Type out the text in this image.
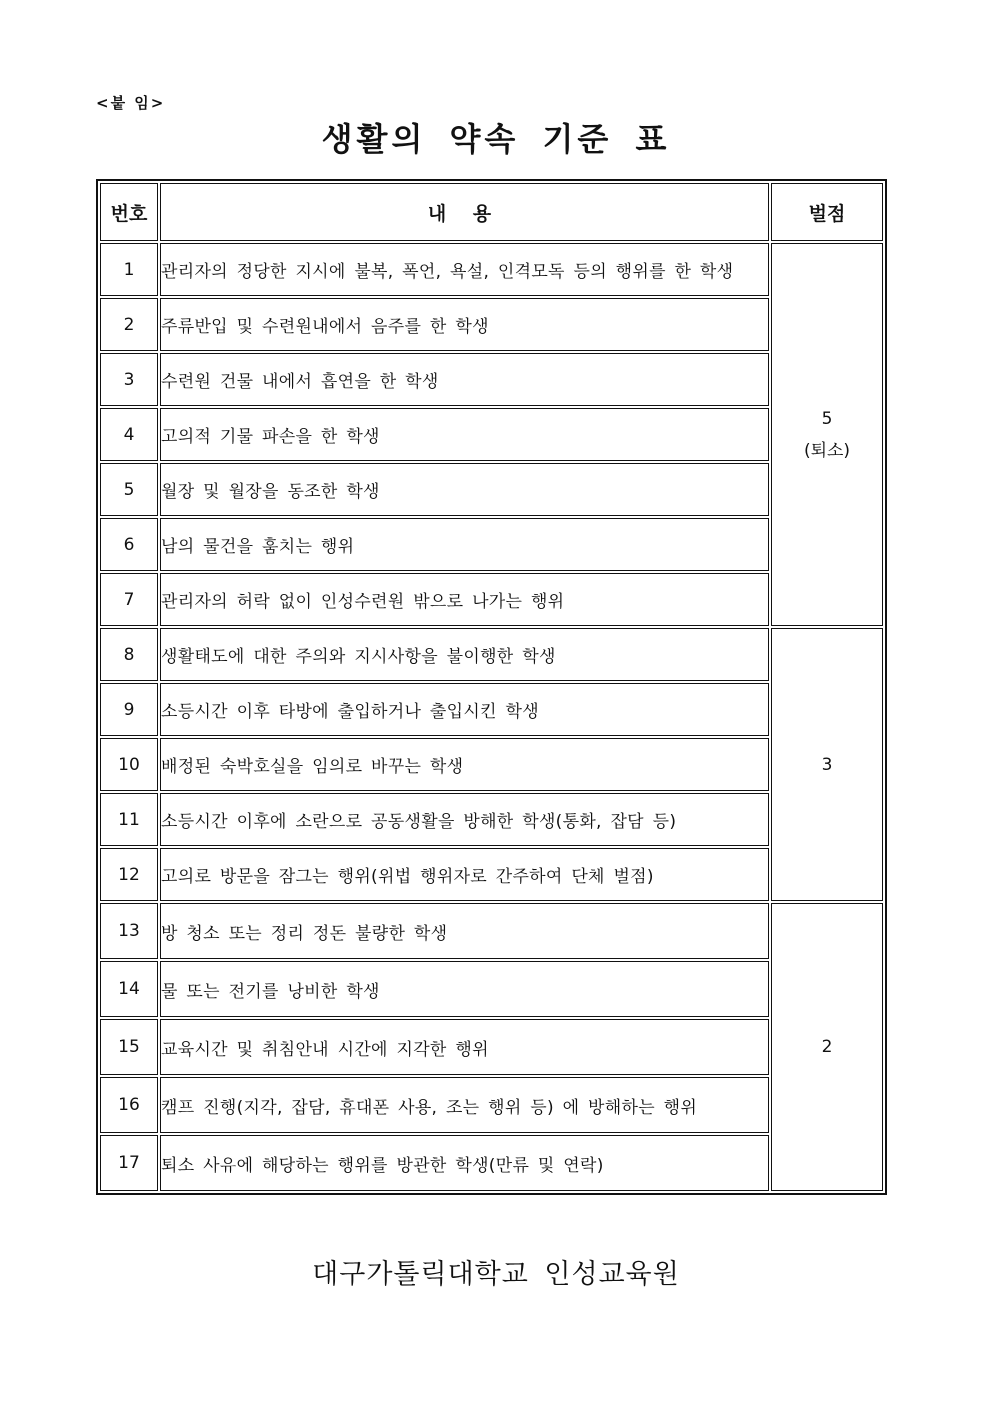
<붙 임>
생활의 약속 기준 표
번호	내 용	벌점
1	관리자의 정당한 지시에 불복, 폭언, 욕설, 인격모독 등의 행위를 한 학생	5
(퇴소)

2	주류반입 및 수련원내에서 음주를 한 학생	
3	수련원 건물 내에서 흡연을 한 학생	
4	고의적 기물 파손을 한 학생	
5	월장 및 월장을 동조한 학생	
6	남의 물건을 훔치는 행위	
7	관리자의 허락 없이 인성수련원 밖으로 나가는 행위	
8	생활태도에 대한 주의와 지시사항을 불이행한 학생	3

9	소등시간 이후 타방에 출입하거나 출입시킨 학생	
10	배정된 숙박호실을 임의로 바꾸는 학생	
11	소등시간 이후에 소란으로 공동생활을 방해한 학생(통화, 잡담 등)	
12	고의로 방문을 잠그는 행위(위법 행위자로 간주하여 단체 벌점)	
13	방 청소 또는 정리 정돈 불량한 학생	2

14	물 또는 전기를 낭비한 학생	
15	교육시간 및 취침안내 시간에 지각한 행위	
16	캠프 진행(지각, 잡담, 휴대폰 사용, 조는 행위 등) 에 방해하는 행위	
17	퇴소 사유에 해당하는 행위를 방관한 학생(만류 및 연락)	
대구가톨릭대학교 인성교육원
